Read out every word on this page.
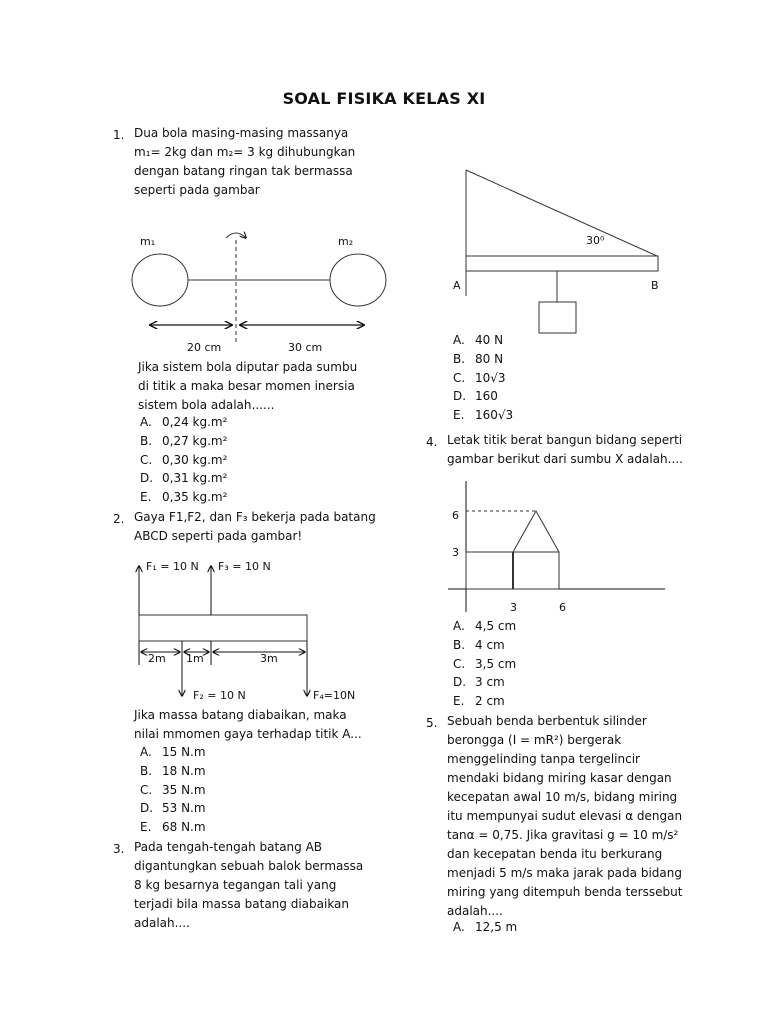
SOAL FISIKA KELAS XI
1. Dua bola masing-masing massanya
m₁= 2kg dan m₂= 3 kg dihubungkan
dengan batang ringan tak bermassa
seperti pada gambar
m₁	m₂
20 cm	30 cm
F₁ = 10 N F₃ = 10 N
2m 1m	3m
F₂ = 10 N	F₄=10N
30⁰
A	B
6
3
3	6
Jika sistem bola diputar pada sumbu
di titik a maka besar momen inersia
sistem bola adalah......
A. 0,24 kg.m²
B. 0,27 kg.m²
C. 0,30 kg.m²
D. 0,31 kg.m²
E. 0,35 kg.m²
2. Gaya F1,F2, dan F₃ bekerja pada batang
ABCD seperti pada gambar!
Jika massa batang diabaikan, maka
nilai mmomen gaya terhadap titik A...
A. 15 N.m
B. 18 N.m
C. 35 N.m
D. 53 N.m
E. 68 N.m
3. Pada tengah-tengah batang AB
digantungkan sebuah balok bermassa
8 kg besarnya tegangan tali yang
terjadi bila massa batang diabaikan
adalah....
A. 40 N
B. 80 N
C. 10√3
D. 160
E. 160√3
4. Letak titik berat bangun bidang seperti
gambar berikut dari sumbu X adalah....
A. 4,5 cm
B. 4 cm
C. 3,5 cm
D. 3 cm
E. 2 cm
5. Sebuah benda berbentuk silinder
berongga (I = mR²) bergerak
menggelinding tanpa tergelincir
mendaki bidang miring kasar dengan
kecepatan awal 10 m/s, bidang miring
itu mempunyai sudut elevasi α dengan
tanα = 0,75. Jika gravitasi g = 10 m/s²
dan kecepatan benda itu berkurang
menjadi 5 m/s maka jarak pada bidang
miring yang ditempuh benda terssebut
adalah....
A. 12,5 m
